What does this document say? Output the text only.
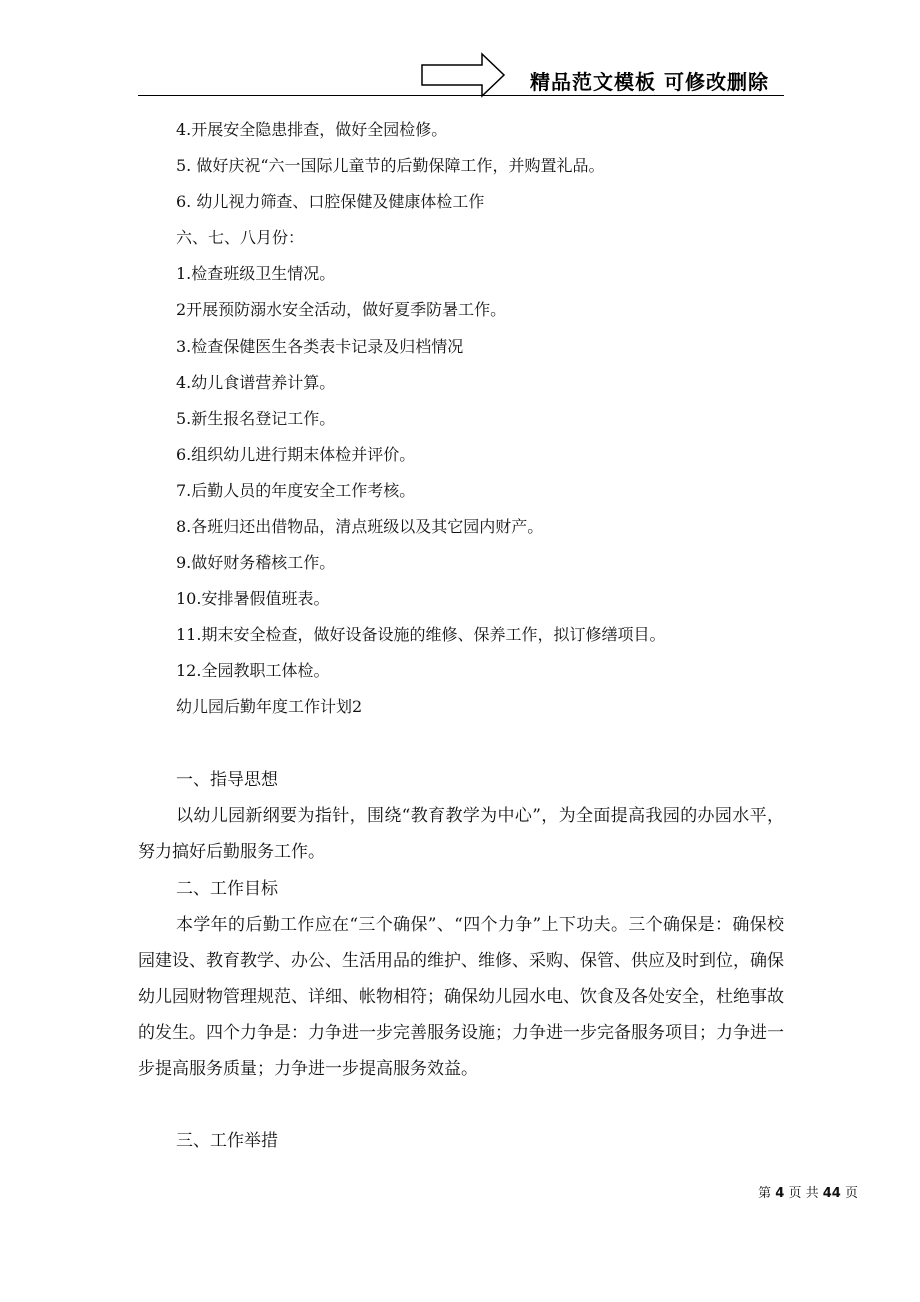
精品范文模板 可修改删除
4.开展安全隐患排查，做好全园检修。
5. 做好庆祝“六一国际儿童节的后勤保障工作，并购置礼品。
6. 幼儿视力筛查、口腔保健及健康体检工作
六、七、八月份：
1.检查班级卫生情况。
2开展预防溺水安全活动，做好夏季防暑工作。
3.检查保健医生各类表卡记录及归档情况
4.幼儿食谱营养计算。
5.新生报名登记工作。
6.组织幼儿进行期末体检并评价。
7.后勤人员的年度安全工作考核。
8.各班归还出借物品，清点班级以及其它园内财产。
9.做好财务稽核工作。
10.安排暑假值班表。
11.期末安全检查，做好设备设施的维修、保养工作，拟订修缮项目。
12.全园教职工体检。
幼儿园后勤年度工作计划2
一、指导思想
以幼儿园新纲要为指针，围绕“教育教学为中心”，为全面提高我园的办园水平，努力搞好后勤服务工作。
二、工作目标
本学年的后勤工作应在“三个确保”、“四个力争”上下功夫。三个确保是：确保校园建设、教育教学、办公、生活用品的维护、维修、采购、保管、供应及时到位，确保幼儿园财物管理规范、详细、帐物相符；确保幼儿园水电、饮食及各处安全，杜绝事故的发生。四个力争是：力争进一步完善服务设施；力争进一步完备服务项目；力争进一步提高服务质量；力争进一步提高服务效益。
三、工作举措
第 4 页 共 44 页
